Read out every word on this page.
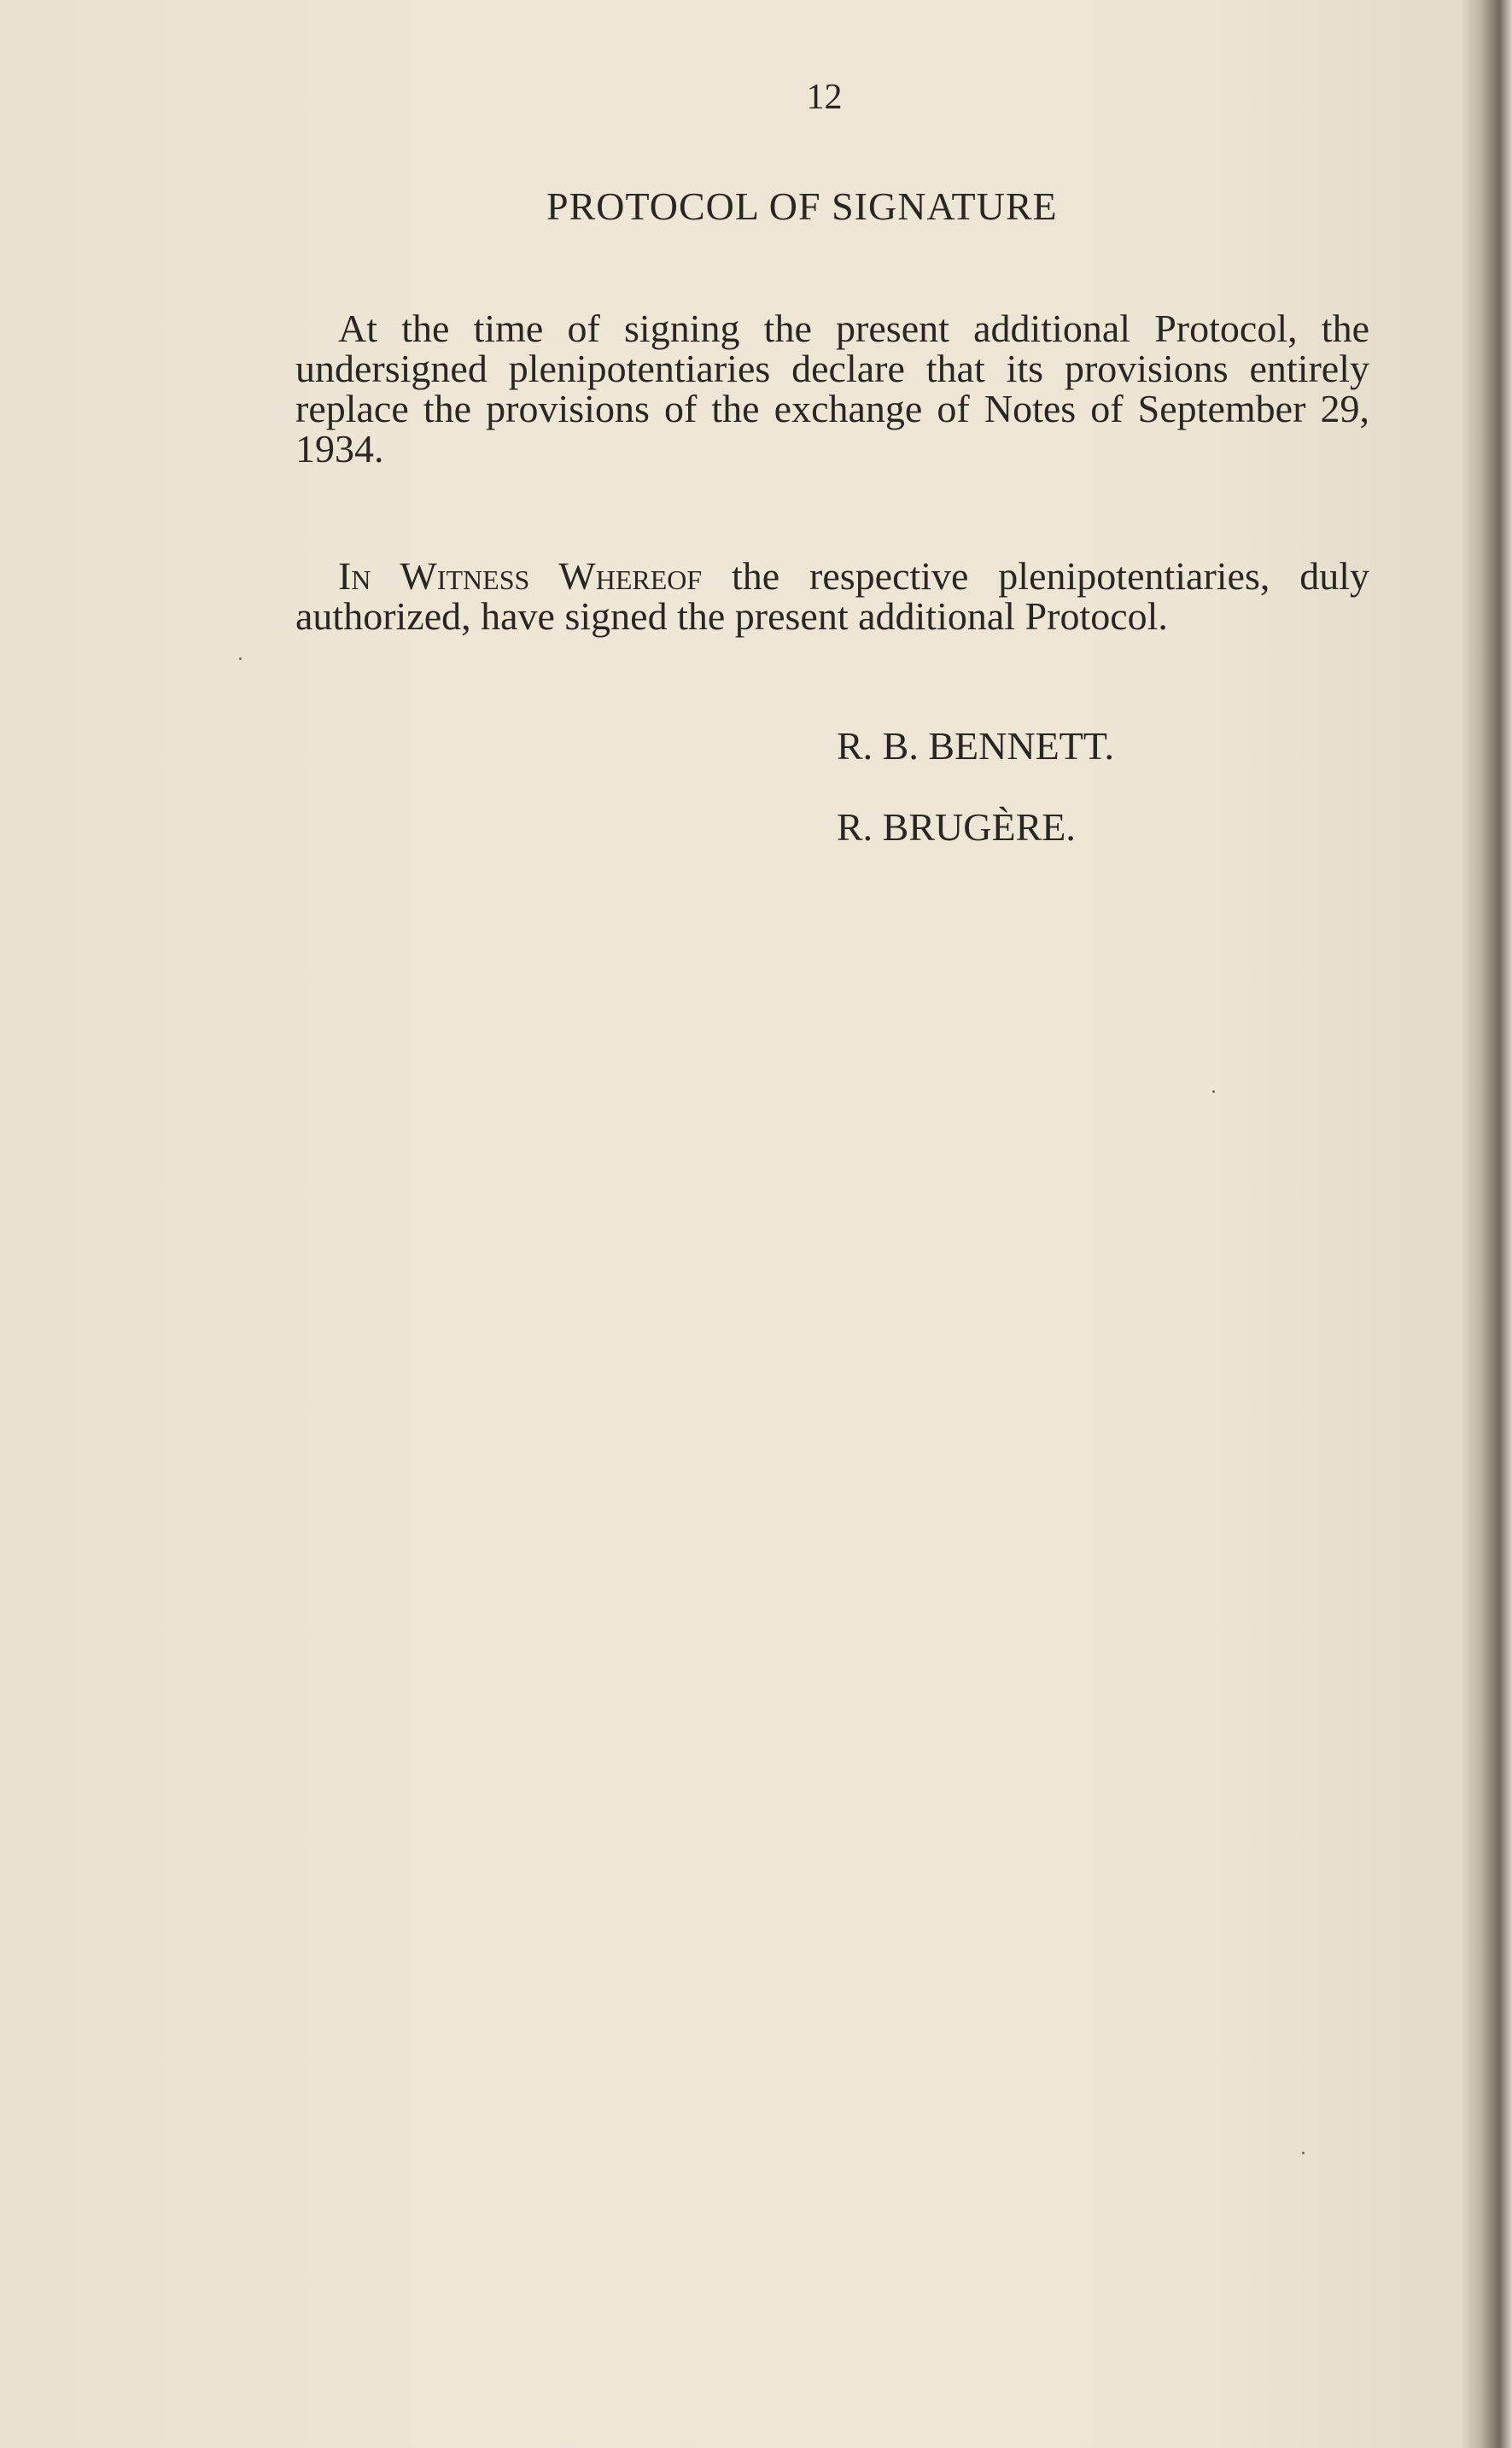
12
PROTOCOL OF SIGNATURE
At the time of signing the present additional Protocol, the undersigned plenipotentiaries declare that its provisions entirely replace the provisions of the exchange of Notes of September 29, 1934.
In Witness Whereof the respective plenipotentiaries, duly authorized, have signed the present additional Protocol.
R. B. BENNETT.
R. BRUGÈRE.
